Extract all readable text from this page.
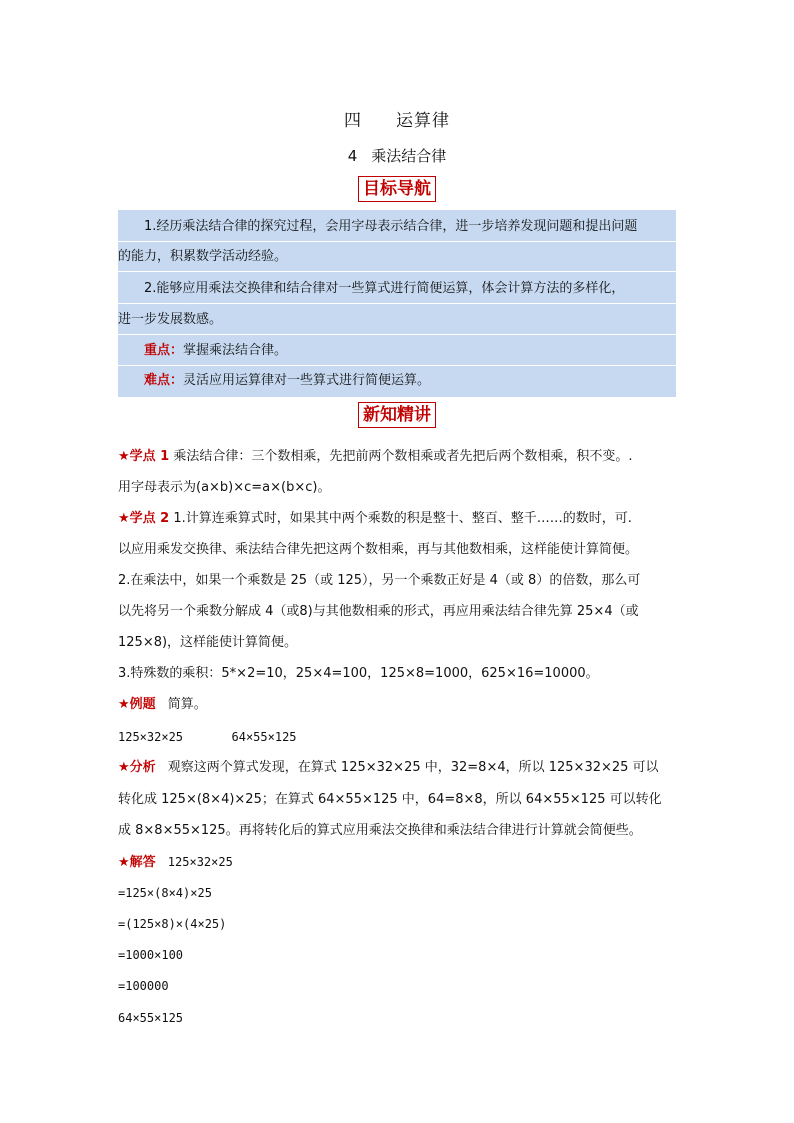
四 运算律
4 乘法结合律
目标导航
1.经历乘法结合律的探究过程，会用字母表示结合律，进一步培养发现问题和提出问题
的能力，积累数学活动经验。
2.能够应用乘法交换律和结合律对一些算式进行简便运算，体会计算方法的多样化，
进一步发展数感。
重点：掌握乘法结合律。
难点：灵活应用运算律对一些算式进行简便运算。
新知精讲
★学点 1 乘法结合律：三个数相乘，先把前两个数相乘或者先把后两个数相乘，积不变。.
用字母表示为(a×b)×c=a×(b×c)。
★学点 2 1.计算连乘算式时，如果其中两个乘数的积是整十、整百、整千……的数时，可.
以应用乘发交换律、乘法结合律先把这两个数相乘，再与其他数相乘，这样能使计算简便。
2.在乘法中，如果一个乘数是 25（或 125），另一个乘数正好是 4（或 8）的倍数，那么可
以先将另一个乘数分解成 4（或8)与其他数相乘的形式，再应用乘法结合律先算 25×4（或
125×8)，这样能使计算简便。
3.特殊数的乘积：5*×2=10，25×4=100，125×8=1000，625×16=10000。
★例题 简算。
125×32×25	64×55×125
★分析 观察这两个算式发现，在算式 125×32×25 中，32=8×4，所以 125×32×25 可以
转化成 125×(8×4)×25；在算式 64×55×125 中，64=8×8，所以 64×55×125 可以转化
成 8×8×55×125。再将转化后的算式应用乘法交换律和乘法结合律进行计算就会简便些。
★解答 125×32×25
=125×(8×4)×25
=(125×8)×(4×25)
=1000×100
=100000
64×55×125
